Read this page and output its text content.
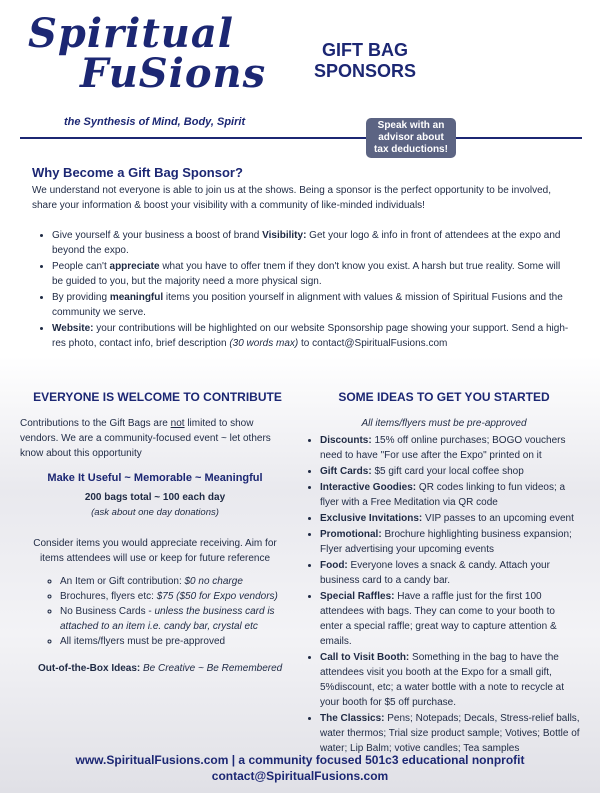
Spiritual
FuSions
the Synthesis of Mind, Body, Spirit
GIFT BAG
SPONSORS
Speak with an advisor about tax deductions!
Why Become a Gift Bag Sponsor?
We understand not everyone is able to join us at the shows. Being a sponsor is the perfect opportunity to be involved, share your information & boost your visibility with a community of like-minded individuals!
• Give yourself & your business a boost of brand Visibility: Get your logo & info in front of attendees at the expo and beyond the expo.
• People can't appreciate what you have to offer tnem if they don't know you exist. A harsh but true reality. Some will be guided to you, but the majority need a more physical sign.
• By providing meaningful items you position yourself in alignment with values & mission of Spiritual Fusions and the community we serve.
• Website: your contributions will be highlighted on our website Sponsorship page showing your support. Send a high-res photo, contact info, brief description (30 words max) to contact@SpiritualFusions.com
EVERYONE IS WELCOME TO CONTRIBUTE	SOME IDEAS TO GET YOU STARTED
Contributions to the Gift Bags are not limited to show vendors. We are a community-focused event ~ let others know about this opportunity
Make It Useful ~ Memorable ~ Meaningful
200 bags total ~ 100 each day
(ask about one day donations)
Consider items you would appreciate receiving. Aim for items attendees will use or keep for future reference
◦ An Item or Gift contribution: $0 no charge
◦ Brochures, flyers etc: $75 ($50 for Expo vendors)
◦ No Business Cards - unless the business card is attached to an item i.e. candy bar, crystal etc
◦ All items/flyers must be pre-approved
Out-of-the-Box Ideas: Be Creative ~ Be Remembered
All items/flyers must be pre-approved
• Discounts: 15% off online purchases; BOGO vouchers need to have "For use after the Expo" printed on it
• Gift Cards: $5 gift card your local coffee shop
• Interactive Goodies: QR codes linking to fun videos; a flyer with a Free Meditation via QR code
• Exclusive Invitations: VIP passes to an upcoming event
• Promotional: Brochure highlighting business expansion; Flyer advertising your upcoming events
• Food: Everyone loves a snack & candy. Attach your business card to a candy bar.
• Special Raffles: Have a raffle just for the first 100 attendees with bags. They can come to your booth to enter a special raffle; great way to capture attention & emails.
• Call to Visit Booth: Something in the bag to have the attendees visit you booth at the Expo for a small gift, 5%discount, etc; a water bottle with a note to recycle at your booth for $5 off purchase.
• The Classics: Pens; Notepads; Decals, Stress-relief balls, water thermos; Trial size product sample; Votives; Bottle of water; Lip Balm; votive candles; Tea samples
www.SpiritualFusions.com | a community focused 501c3 educational nonprofit
contact@SpiritualFusions.com
